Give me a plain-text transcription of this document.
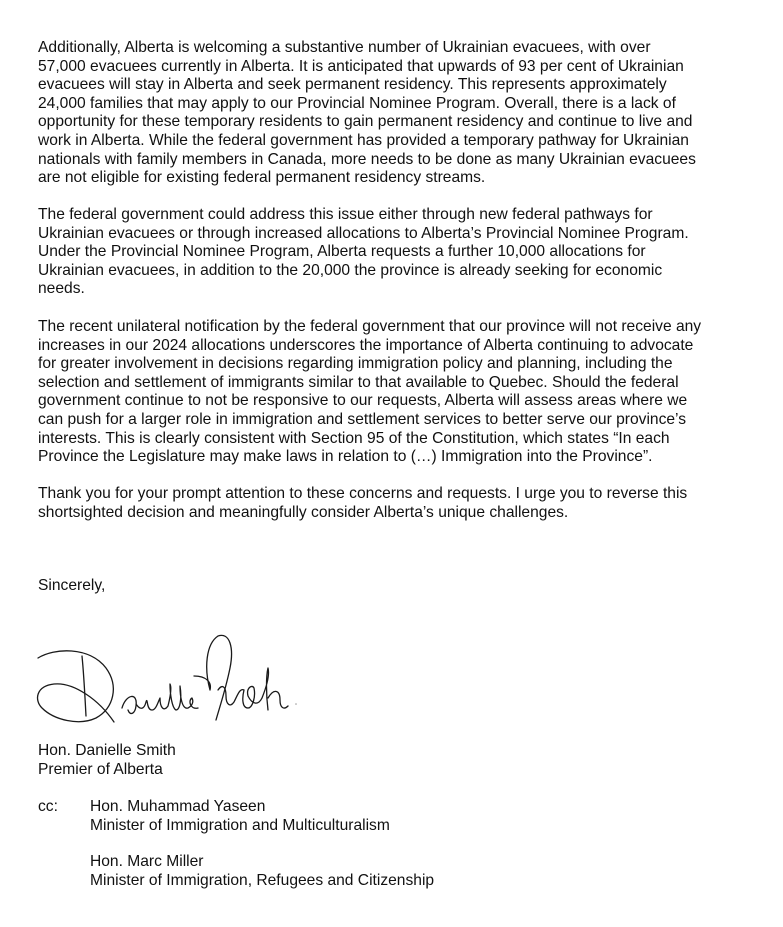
Additionally, Alberta is welcoming a substantive number of Ukrainian evacuees, with over
57,000 evacuees currently in Alberta. It is anticipated that upwards of 93 per cent of Ukrainian
evacuees will stay in Alberta and seek permanent residency. This represents approximately
24,000 families that may apply to our Provincial Nominee Program. Overall, there is a lack of
opportunity for these temporary residents to gain permanent residency and continue to live and
work in Alberta. While the federal government has provided a temporary pathway for Ukrainian
nationals with family members in Canada, more needs to be done as many Ukrainian evacuees
are not eligible for existing federal permanent residency streams.
The federal government could address this issue either through new federal pathways for
Ukrainian evacuees or through increased allocations to Alberta’s Provincial Nominee Program.
Under the Provincial Nominee Program, Alberta requests a further 10,000 allocations for
Ukrainian evacuees, in addition to the 20,000 the province is already seeking for economic
needs.
The recent unilateral notification by the federal government that our province will not receive any
increases in our 2024 allocations underscores the importance of Alberta continuing to advocate
for greater involvement in decisions regarding immigration policy and planning, including the
selection and settlement of immigrants similar to that available to Quebec. Should the federal
government continue to not be responsive to our requests, Alberta will assess areas where we
can push for a larger role in immigration and settlement services to better serve our province’s
interests. This is clearly consistent with Section 95 of the Constitution, which states “In each
Province the Legislature may make laws in relation to (…) Immigration into the Province”.
Thank you for your prompt attention to these concerns and requests. I urge you to reverse this
shortsighted decision and meaningfully consider Alberta’s unique challenges.
Sincerely,
Hon. Danielle Smith
Premier of Alberta
cc: Hon. Muhammad Yaseen
Minister of Immigration and Multiculturalism
Hon. Marc Miller
Minister of Immigration, Refugees and Citizenship
